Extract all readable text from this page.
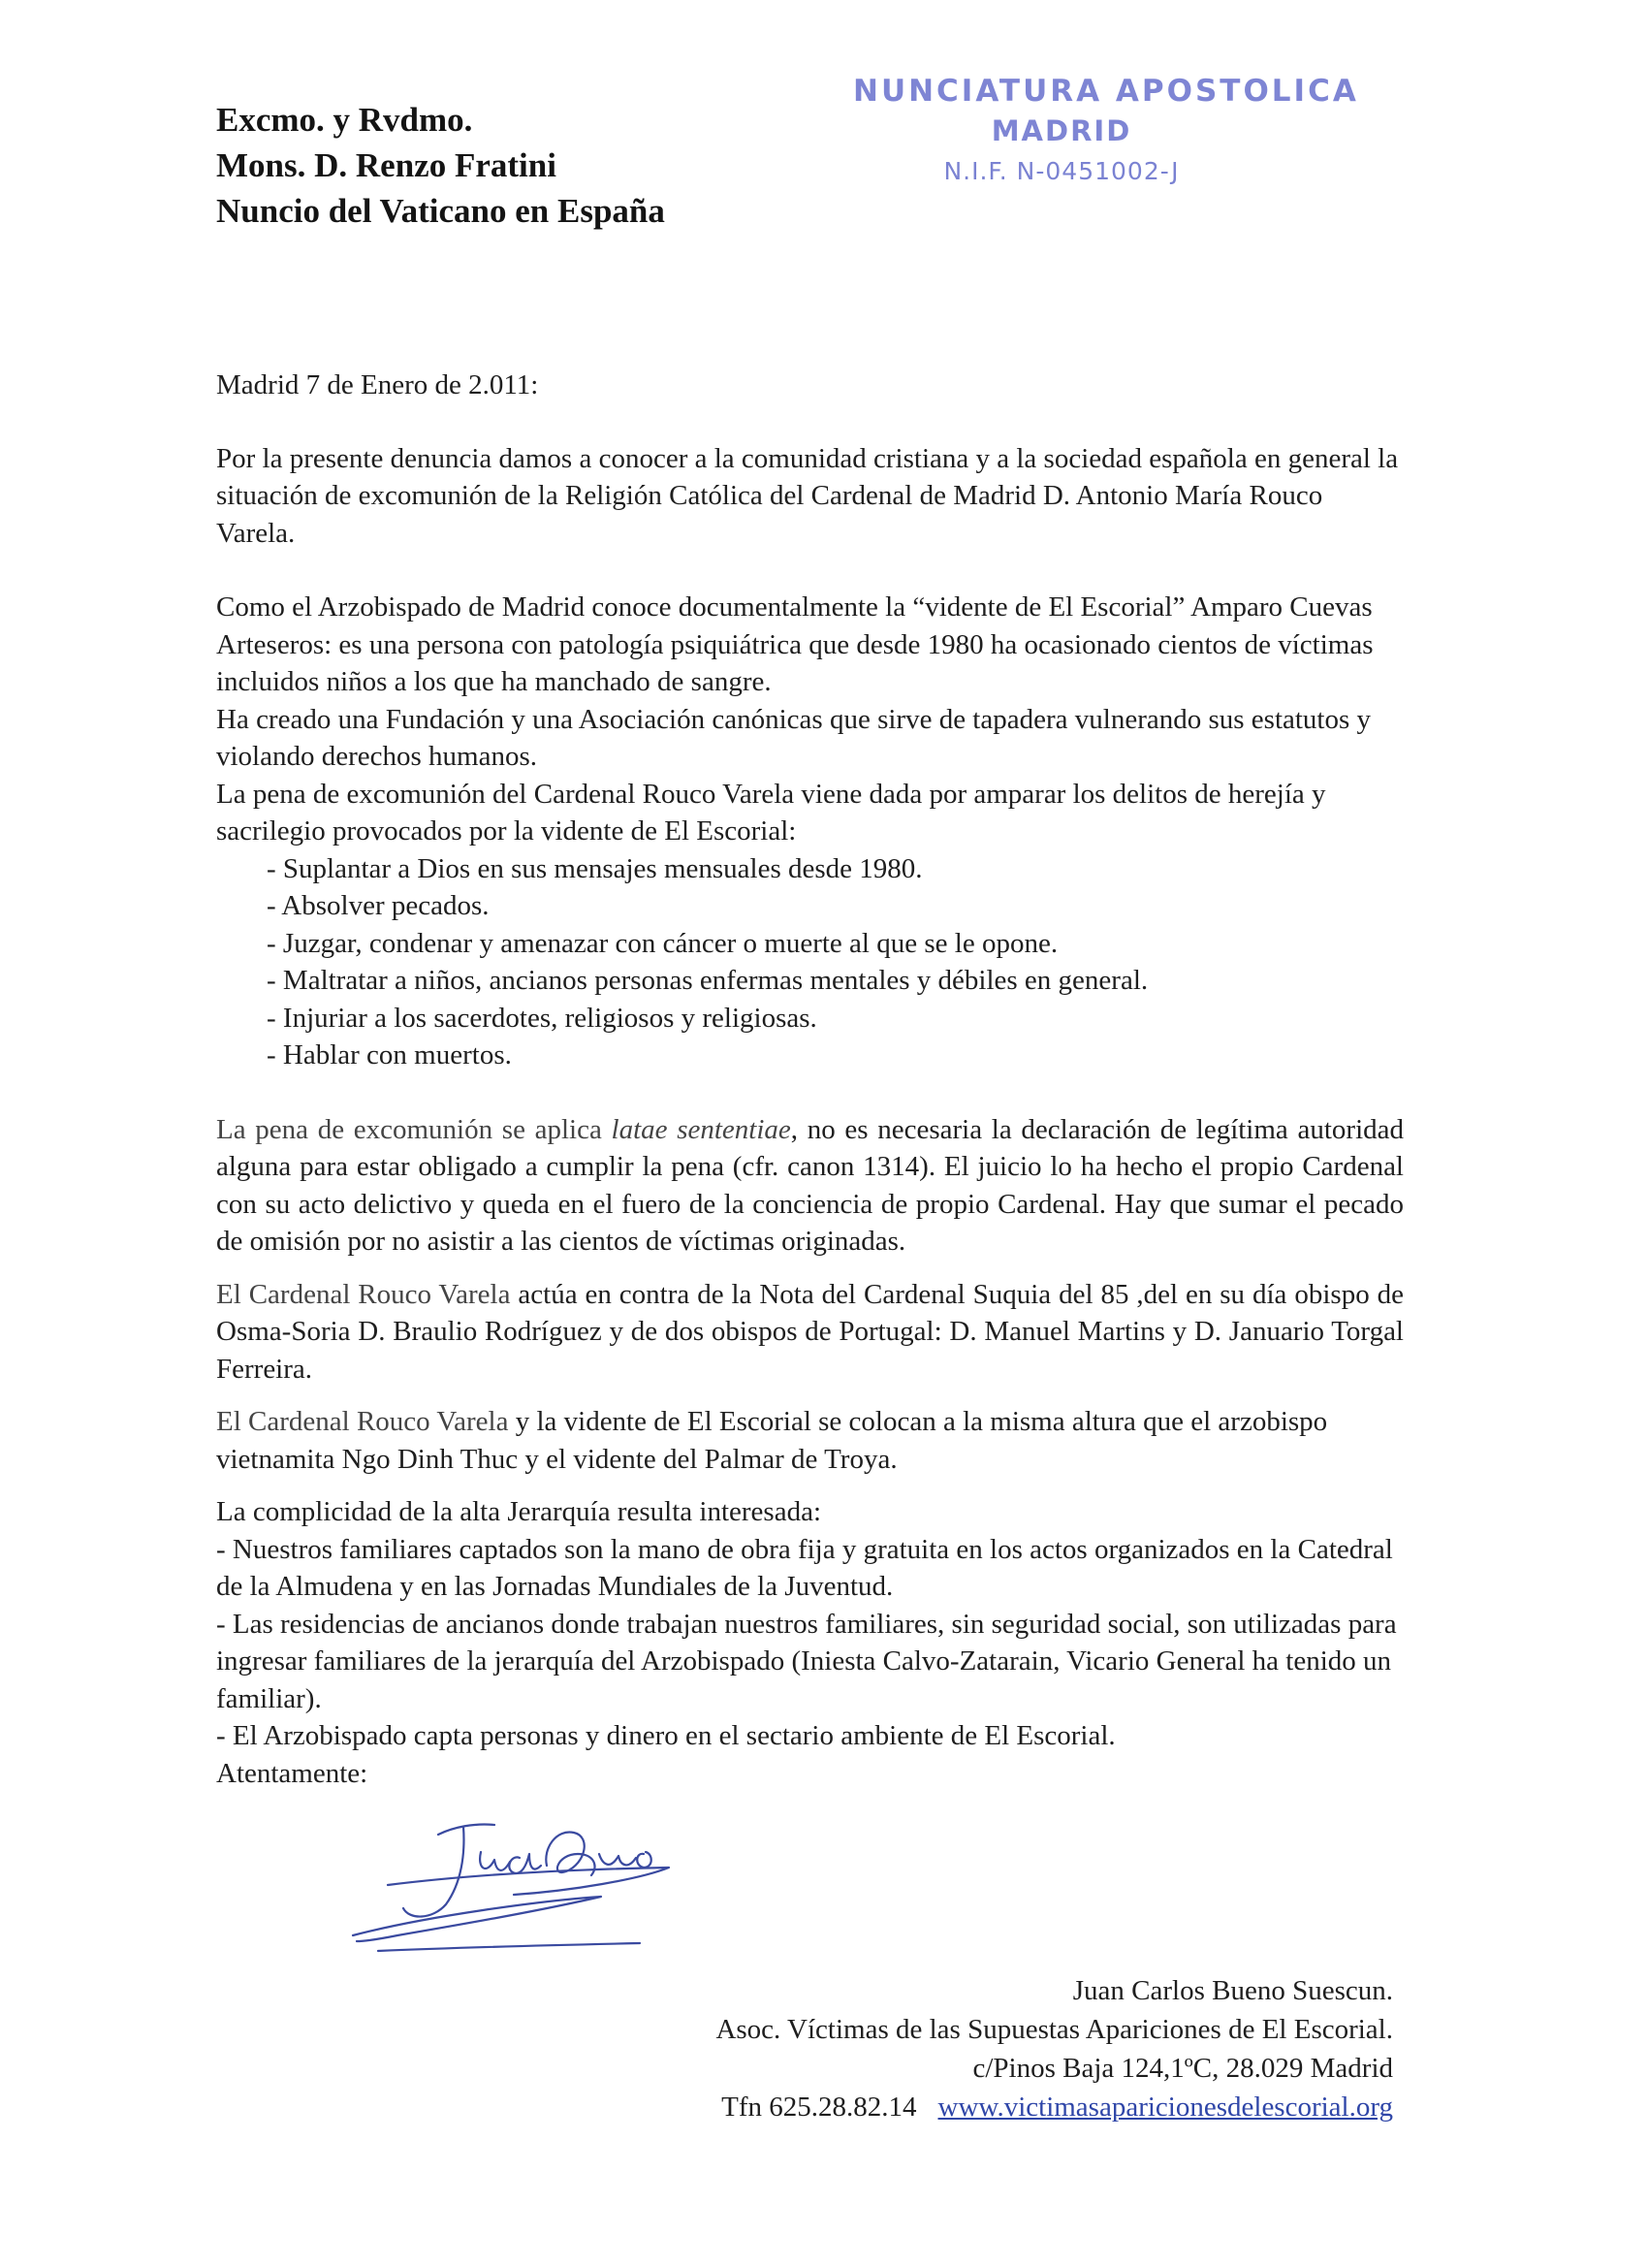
Excmo. y Rvdmo.
Mons. D. Renzo Fratini
Nuncio del Vaticano en España
NUNCIATURA APOSTOLICA
MADRID
N.I.F. N-0451002-J

Madrid 7 de Enero de 2.011:

Por la presente denuncia damos a conocer a la comunidad cristiana y a la sociedad española en general la situación de excomunión de la Religión Católica del Cardenal de Madrid D. Antonio María Rouco Varela.

Como el Arzobispado de Madrid conoce documentalmente la “vidente de El Escorial” Amparo Cuevas Arteseros: es una persona con patología psiquiátrica que desde 1980 ha ocasionado cientos de víctimas incluidos niños a los que ha manchado de sangre.

Ha creado una Fundación y una Asociación canónicas que sirve de tapadera vulnerando sus estatutos y violando derechos humanos.

La pena de excomunión del Cardenal Rouco Varela viene dada por amparar los delitos de herejía y sacrilegio provocados por la vidente de El Escorial:

- Suplantar a Dios en sus mensajes mensuales desde 1980.
- Absolver pecados.
- Juzgar, condenar y amenazar con cáncer o muerte al que se le opone.
- Maltratar a niños, ancianos personas enfermas mentales y débiles en general.
- Injuriar a los sacerdotes, religiosos y religiosas.
- Hablar con muertos.

La pena de excomunión se aplica latae sententiae, no es necesaria la declaración de legítima autoridad alguna para estar obligado a cumplir la pena (cfr. canon 1314). El juicio lo ha hecho el propio Cardenal con su acto delictivo y queda en el fuero de la conciencia de propio Cardenal. Hay que sumar el pecado de omisión por no asistir a las cientos de víctimas originadas.

El Cardenal Rouco Varela actúa en contra de la Nota del Cardenal Suquia del 85 ,del en su día obispo de Osma-Soria D. Braulio Rodríguez y de dos obispos de Portugal: D. Manuel Martins y D. Januario Torgal Ferreira.

El Cardenal Rouco Varela y la vidente de El Escorial se colocan a la misma altura que el arzobispo vietnamita Ngo Dinh Thuc y el vidente del Palmar de Troya.

La complicidad de la alta Jerarquía resulta interesada:

- Nuestros familiares captados son la mano de obra fija y gratuita en los actos organizados en la Catedral de la Almudena y en las Jornadas Mundiales de la Juventud.

- Las residencias de ancianos donde trabajan nuestros familiares, sin seguridad social, son utilizadas para ingresar familiares de la jerarquía del Arzobispado (Iniesta Calvo-Zatarain, Vicario General ha tenido un familiar).

- El Arzobispado capta personas y dinero en el sectario ambiente de El Escorial.

Atentamente:

Juan Carlos Bueno Suescun.
Asoc. Víctimas de las Supuestas Apariciones de El Escorial.
c/Pinos Baja 124,1ºC, 28.029 Madrid
Tfn 625.28.82.14 www.victimasaparicionesdelescorial.org
